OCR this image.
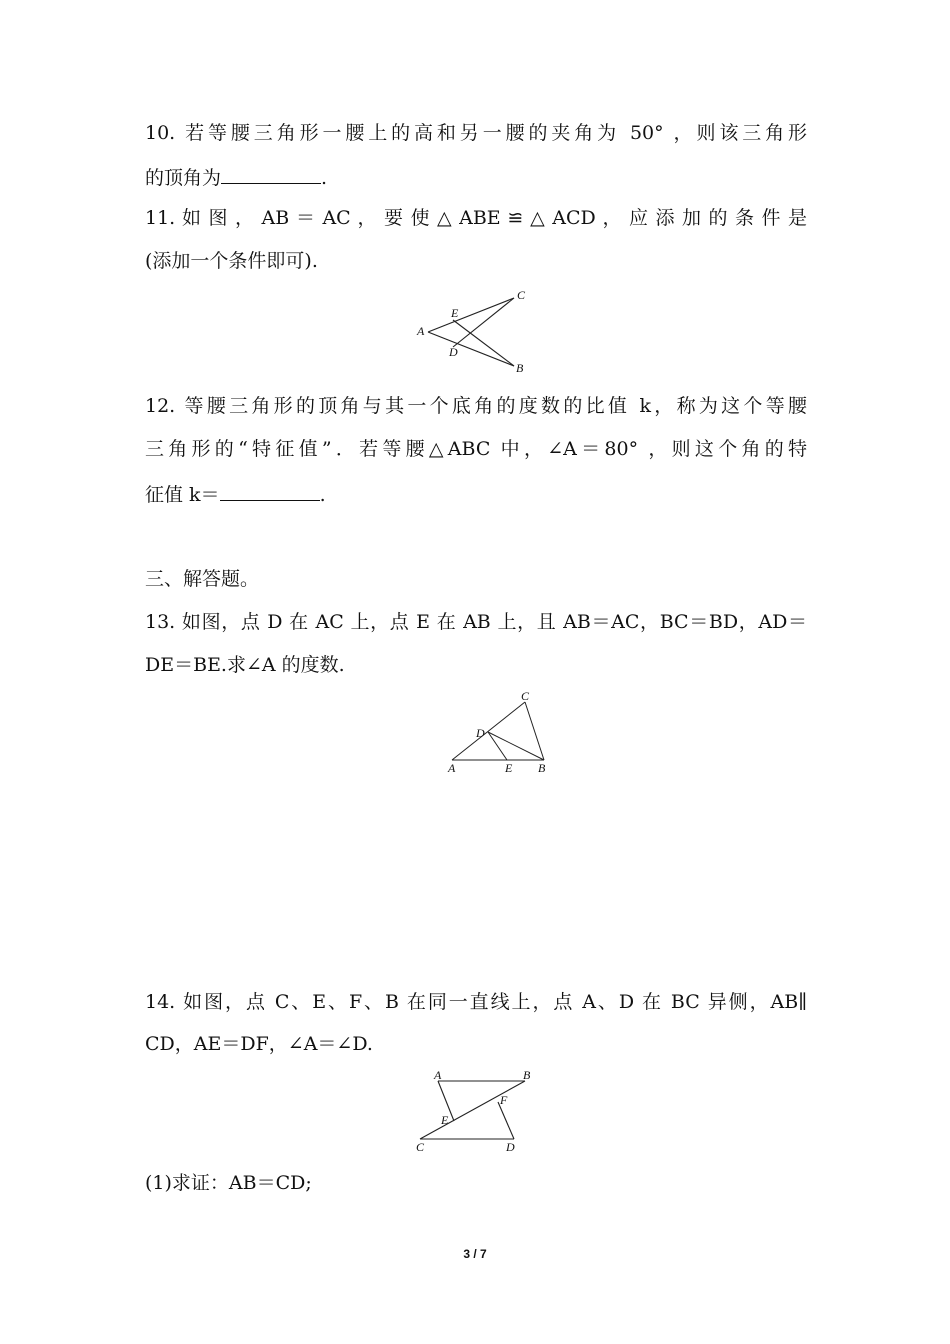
10. 若等腰三角形一腰上的高和另一腰的夹角为 50° ，则该三角形
的顶角为	.
11. 如 图 ， AB ＝ AC ， 要 使 △ ABE ≌ △ ACD ， 应 添 加 的 条 件 是
(添加一个条件即可).
A
C
B
E
D
12. 等腰三角形的顶角与其一个底角的度数的比值 k，称为这个等腰
三角形的“特征值”．若等腰△ABC 中，∠A＝80° ，则这个角的特
征值 k＝	.
三、解答题。
13. 如图，点 D 在 AC 上，点 E 在 AB 上，且 AB＝AC，BC＝BD，AD＝
DE＝BE.求∠A 的度数.
A	E B
D
C
14. 如图，点 C、E、F、B 在同一直线上，点 A、D 在 BC 异侧，AB∥
CD，AE＝DF，∠A＝∠D.
A	B
C	D
E
F
(1)求证：AB＝CD;
3 / 7
